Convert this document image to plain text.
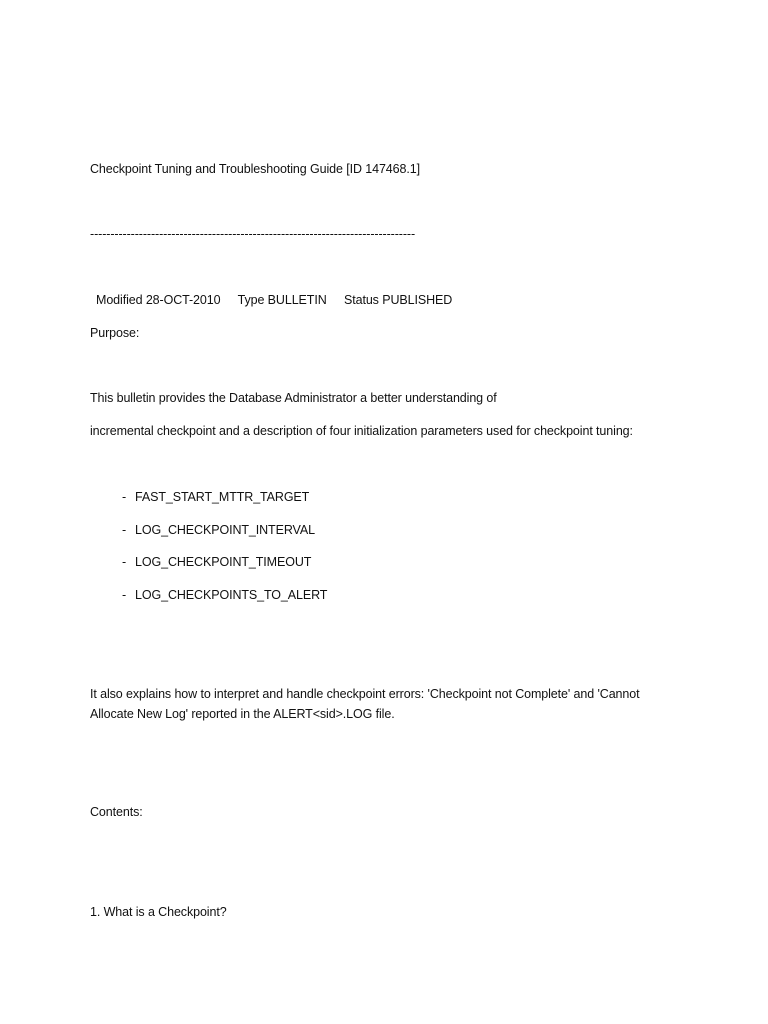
Checkpoint Tuning and Troubleshooting Guide [ID 147468.1]
--------------------------------------------------------------------------------
Modified 28-OCT-2010 Type BULLETIN Status PUBLISHED
Purpose:
This bulletin provides the Database Administrator a better understanding of
incremental checkpoint and a description of four initialization parameters used for checkpoint tuning:
- FAST_START_MTTR_TARGET
- LOG_CHECKPOINT_INTERVAL
- LOG_CHECKPOINT_TIMEOUT
- LOG_CHECKPOINTS_TO_ALERT
It also explains how to interpret and handle checkpoint errors: 'Checkpoint not Complete' and 'Cannot
Allocate New Log' reported in the ALERT<sid>.LOG file.
Contents:
1. What is a Checkpoint?
